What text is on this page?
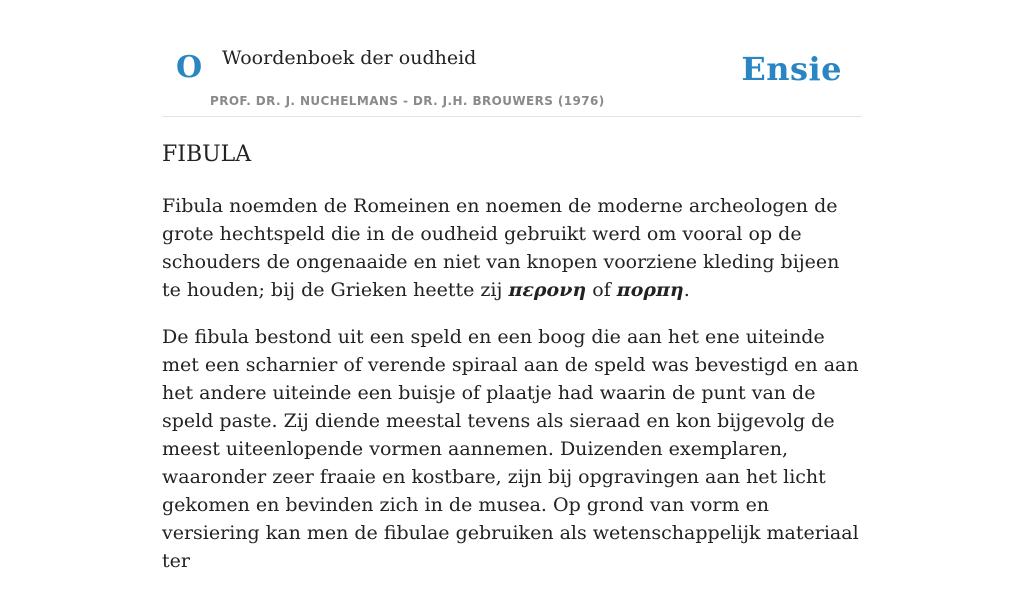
O Woordenboek der oudheid	Ensie
PROF. DR. J. NUCHELMANS - DR. J.H. BROUWERS (1976)
FIBULA

Fibula noemden de Romeinen en noemen de moderne archeologen de grote hechtspeld die in de oudheid gebruikt werd om vooral op de schouders de ongenaaide en niet van knopen voorziene kleding bijeen te houden; bij de Grieken heette zij περονη of πορπη.

De fibula bestond uit een speld en een boog die aan het ene uiteinde met een scharnier of verende spiraal aan de speld was bevestigd en aan het andere uiteinde een buisje of plaatje had waarin de punt van de speld paste. Zij diende meestal tevens als sieraad en kon bijgevolg de meest uiteenlopende vormen aannemen. Duizenden exemplaren, waaronder zeer fraaie en kostbare, zijn bij opgravingen aan het licht gekomen en bevinden zich in de musea. Op grond van vorm en versiering kan men de fibulae gebruiken als wetenschappelijk materiaal ter
